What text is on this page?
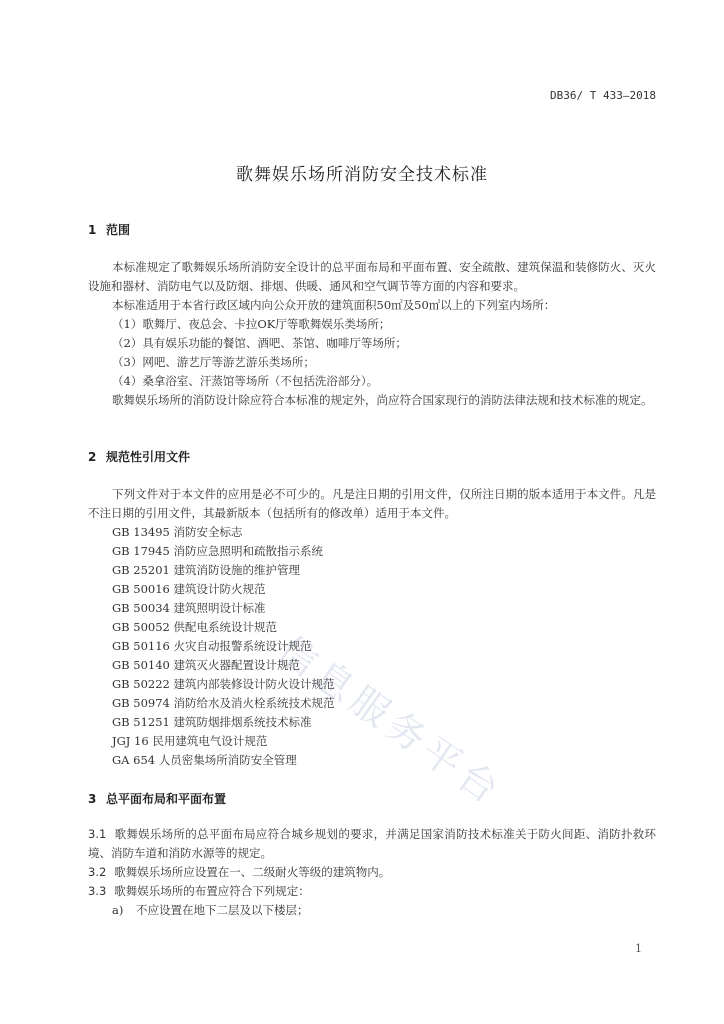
信息服务平台
DB36/ T 433—2018
歌舞娱乐场所消防安全技术标准
1 范围
本标准规定了歌舞娱乐场所消防安全设计的总平面布局和平面布置、安全疏散、建筑保温和装修防火、灭火设施和器材、消防电气以及防烟、排烟、供暖、通风和空气调节等方面的内容和要求。
本标准适用于本省行政区域内向公众开放的建筑面积50㎡及50㎡以上的下列室内场所：
（1）歌舞厅、夜总会、卡拉OK厅等歌舞娱乐类场所；
（2）具有娱乐功能的餐馆、酒吧、茶馆、咖啡厅等场所；
（3）网吧、游艺厅等游艺游乐类场所；
（4）桑拿浴室、汗蒸馆等场所（不包括洗浴部分）。
歌舞娱乐场所的消防设计除应符合本标准的规定外，尚应符合国家现行的消防法律法规和技术标准的规定。
2 规范性引用文件
下列文件对于本文件的应用是必不可少的。凡是注日期的引用文件，仅所注日期的版本适用于本文件。凡是不注日期的引用文件，其最新版本（包括所有的修改单）适用于本文件。
GB 13495 消防安全标志
GB 17945 消防应急照明和疏散指示系统
GB 25201 建筑消防设施的维护管理
GB 50016 建筑设计防火规范
GB 50034 建筑照明设计标准
GB 50052 供配电系统设计规范
GB 50116 火灾自动报警系统设计规范
GB 50140 建筑灭火器配置设计规范
GB 50222 建筑内部装修设计防火设计规范
GB 50974 消防给水及消火栓系统技术规范
GB 51251 建筑防烟排烟系统技术标准
JGJ 16 民用建筑电气设计规范
GA 654 人员密集场所消防安全管理
3 总平面布局和平面布置
3.1 歌舞娱乐场所的总平面布局应符合城乡规划的要求，并满足国家消防技术标准关于防火间距、消防扑救环境、消防车道和消防水源等的规定。
3.2 歌舞娱乐场所应设置在一、二级耐火等级的建筑物内。
3.3 歌舞娱乐场所的布置应符合下列规定：
a) 不应设置在地下二层及以下楼层；
1
